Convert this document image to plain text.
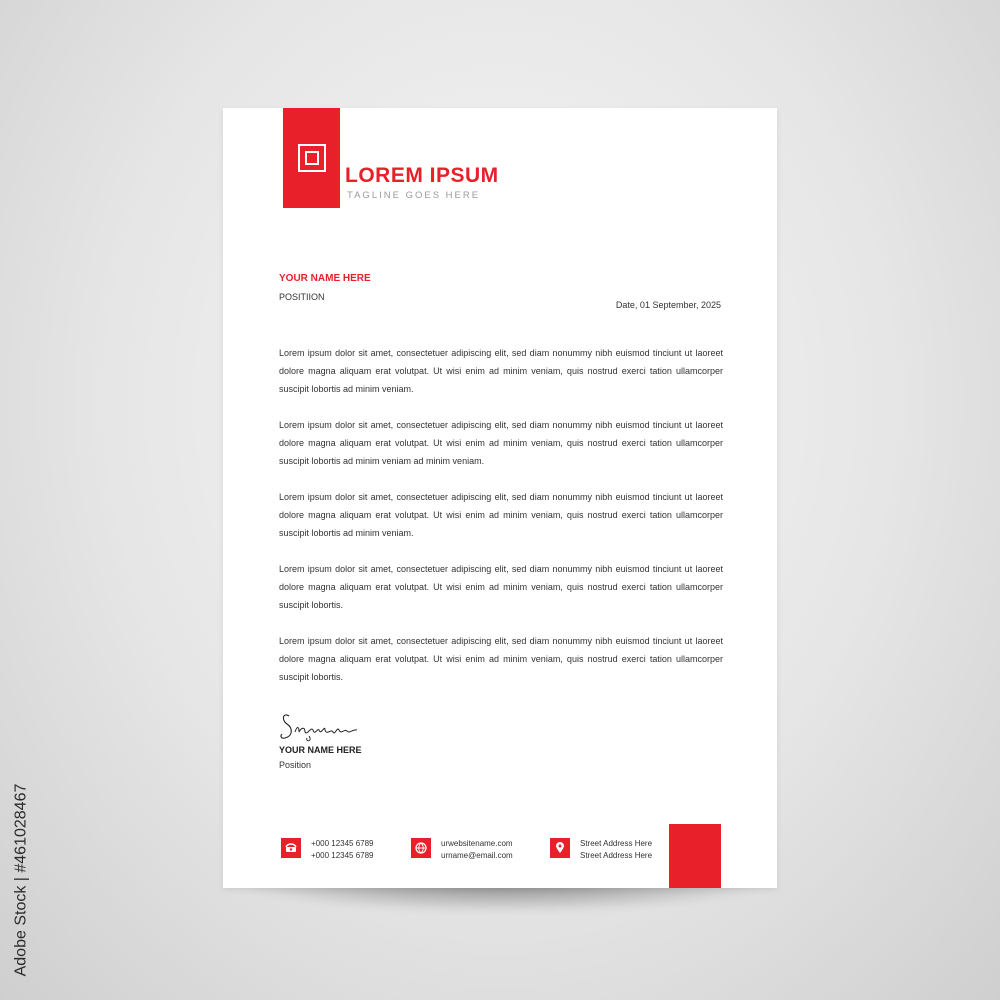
Adobe Stock | #461028467

LOREM IPSUM

TAGLINE GOES HERE

YOUR NAME HERE

POSITIION

Date, 01 September, 2025

Lorem ipsum dolor sit amet, consectetuer adipiscing elit, sed diam nonummy nibh euismod tinciunt ut laoreet dolore magna aliquam erat volutpat. Ut wisi enim ad minim veniam, quis nostrud exerci tation ullamcorper suscipit lobortis ad minim veniam.

Lorem ipsum dolor sit amet, consectetuer adipiscing elit, sed diam nonummy nibh euismod tinciunt ut laoreet dolore magna aliquam erat volutpat. Ut wisi enim ad minim veniam, quis nostrud exerci tation ullamcorper suscipit lobortis ad minim veniam ad minim veniam.

Lorem ipsum dolor sit amet, consectetuer adipiscing elit, sed diam nonummy nibh euismod tinciunt ut laoreet dolore magna aliquam erat volutpat. Ut wisi enim ad minim veniam, quis nostrud exerci tation ullamcorper suscipit lobortis ad minim veniam.

Lorem ipsum dolor sit amet, consectetuer adipiscing elit, sed diam nonummy nibh euismod tinciunt ut laoreet dolore magna aliquam erat volutpat. Ut wisi enim ad minim veniam, quis nostrud exerci tation ullamcorper suscipit lobortis.

Lorem ipsum dolor sit amet, consectetuer adipiscing elit, sed diam nonummy nibh euismod tinciunt ut laoreet dolore magna aliquam erat volutpat. Ut wisi enim ad minim veniam, quis nostrud exerci tation ullamcorper suscipit lobortis.

YOUR NAME HERE

Position

+000 12345 6789

+000 12345 6789

urwebsitename.com

urname@email.com

Street Address Here

Street Address Here
